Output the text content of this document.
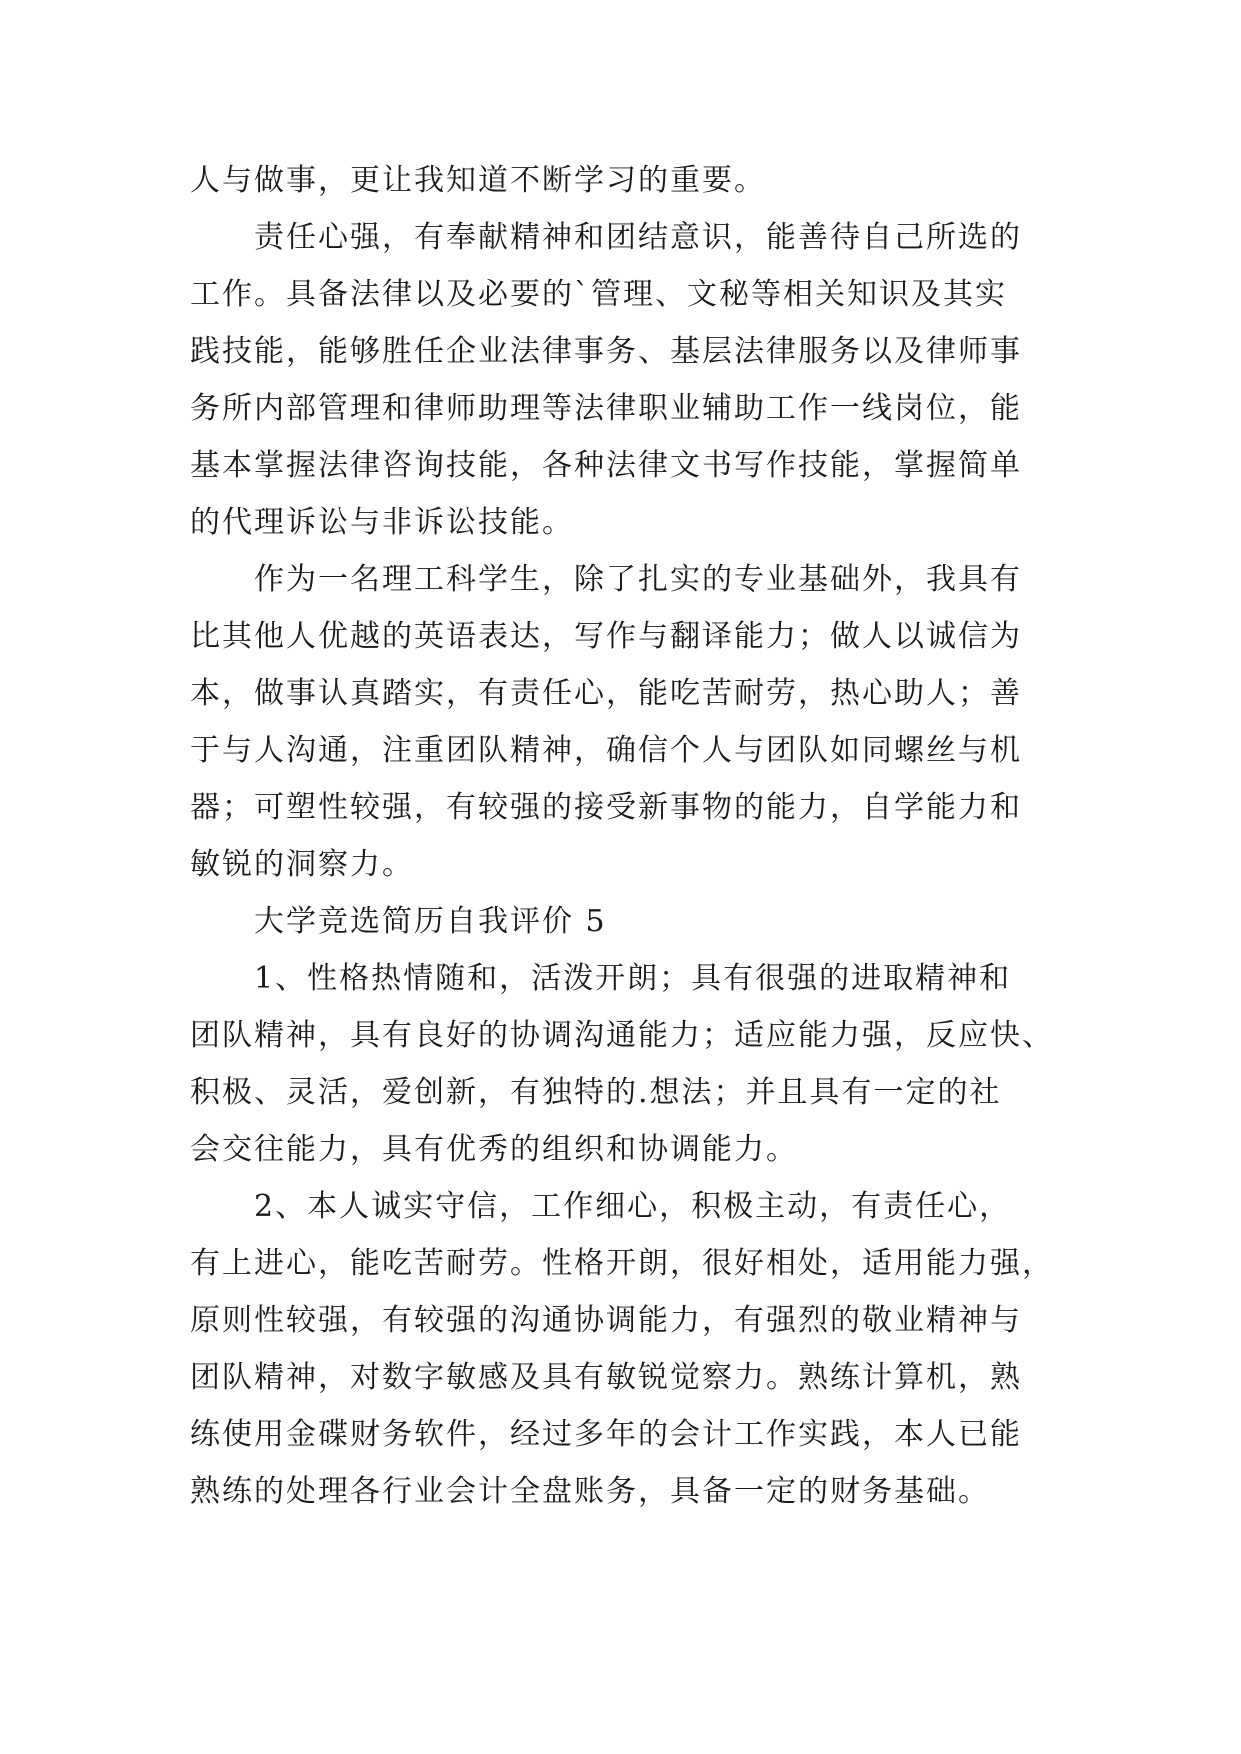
人与做事，更让我知道不断学习的重要。
责任心强，有奉献精神和团结意识，能善待自己所选的
工作。具备法律以及必要的`管理、文秘等相关知识及其实
践技能，能够胜任企业法律事务、基层法律服务以及律师事
务所内部管理和律师助理等法律职业辅助工作一线岗位，能
基本掌握法律咨询技能，各种法律文书写作技能，掌握简单
的代理诉讼与非诉讼技能。
作为一名理工科学生，除了扎实的专业基础外，我具有
比其他人优越的英语表达，写作与翻译能力；做人以诚信为
本，做事认真踏实，有责任心，能吃苦耐劳，热心助人；善
于与人沟通，注重团队精神，确信个人与团队如同螺丝与机
器；可塑性较强，有较强的接受新事物的能力，自学能力和
敏锐的洞察力。
大学竞选简历自我评价 5
1、性格热情随和，活泼开朗；具有很强的进取精神和
团队精神，具有良好的协调沟通能力；适应能力强，反应快、
积极、灵活，爱创新，有独特的.想法；并且具有一定的社
会交往能力，具有优秀的组织和协调能力。
2、本人诚实守信，工作细心，积极主动，有责任心，
有上进心，能吃苦耐劳。性格开朗，很好相处，适用能力强，
原则性较强，有较强的沟通协调能力，有强烈的敬业精神与
团队精神，对数字敏感及具有敏锐觉察力。熟练计算机，熟
练使用金碟财务软件，经过多年的会计工作实践，本人已能
熟练的处理各行业会计全盘账务，具备一定的财务基础。
